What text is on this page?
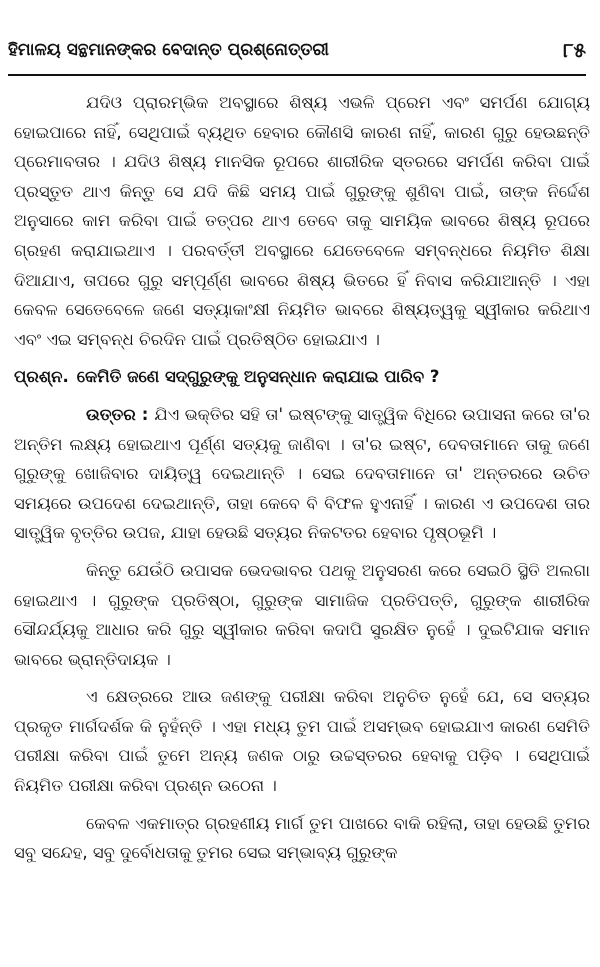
ହିମାଳୟ ସନ୍ଥମାନଙ୍କର ବେଦାନ୍ତ ପ୍ରଶ୍ନୋତ୍ତରୀ	୮୫

ଯଦିଓ ପ୍ରାରମ୍ଭିକ ଅବସ୍ଥାରେ ଶିଷ୍ୟ ଏଭଳି ପ୍ରେମ ଏବଂ ସମର୍ପଣ ଯୋଗ୍ୟ ହୋଇପାରେ ନାହିଁ, ସେଥିପାଇଁ ବ୍ୟଥିତ ହେବାର କୌଣସି କାରଣ ନାହିଁ, କାରଣ ଗୁରୁ ହେଉଛନ୍ତି ପ୍ରେମାବତାର । ଯଦିଓ ଶିଷ୍ୟ ମାନସିକ ରୂପରେ ଶାରୀରିକ ସ୍ତରରେ ସମର୍ପଣ କରିବା ପାଇଁ ପ୍ରସ୍ତୁତ ଥାଏ କିନ୍ତୁ ସେ ଯଦି କିଛି ସମୟ ପାଇଁ ଗୁରୁଙ୍କୁ ଶୁଣିବା ପାଇଁ, ତାଙ୍କ ନିର୍ଦ୍ଦେଶ ଅନୁସାରେ କାମ କରିବା ପାଇଁ ତତ୍ପର ଥାଏ ତେବେ ତାକୁ ସାମୟିକ ଭାବରେ ଶିଷ୍ୟ ରୂପରେ ଗ୍ରହଣ କରାଯାଇଥାଏ । ପରବର୍ତ୍ତୀ ଅବସ୍ଥାରେ ଯେତେବେଳେ ସମ୍ବନ୍ଧରେ ନିୟମିତ ଶିକ୍ଷା ଦିଆଯାଏ, ତାପରେ ଗୁରୁ ସମ୍ପୂର୍ଣ୍ଣ ଭାବରେ ଶିଷ୍ୟ ଭିତରେ ହିଁ ନିବାସ କରିଯାଆନ୍ତି । ଏହା କେବଳ ସେତେବେଳେ ଜଣେ ସତ୍ୟାକାଂକ୍ଷୀ ନିୟମିତ ଭାବରେ ଶିଷ୍ୟତ୍ୱକୁ ସ୍ୱୀକାର କରିଥାଏ ଏବଂ ଏଇ ସମ୍ବନ୍ଧ ଚିରଦିନ ପାଇଁ ପ୍ରତିଷ୍ଠିତ ହୋଇଯାଏ ।

ପ୍ରଶ୍ନ. କେମିତି ଜଣେ ସଦ୍‌ଗୁରୁଙ୍କୁ ଅନୁସନ୍ଧାନ କରାଯାଇ ପାରିବ ?

ଉତ୍ତର : ଯିଏ ଭକ୍ତିର ସହି ତା' ଇଷ୍ଟଙ୍କୁ ସାତ୍ତ୍ୱିକ ବିଧିରେ ଉପାସନା କରେ ତା'ର ଅନ୍ତିମ ଲକ୍ଷ୍ୟ ହୋଇଥାଏ ପୂର୍ଣ୍ଣ ସତ୍ୟକୁ ଜାଣିବା । ତା'ର ଇଷ୍ଟ, ଦେବତାମାନେ ତାକୁ ଜଣେ ଗୁରୁଙ୍କୁ ଖୋଜିବାର ଦାୟିତ୍ୱ ଦେଇଥାନ୍ତି । ସେଇ ଦେବତାମାନେ ତା' ଅନ୍ତରରେ ଉଚିତ ସମୟରେ ଉପଦେଶ ଦେଇଥାନ୍ତି, ତାହା କେବେ ବି ବିଫଳ ହୁଏନାହିଁ । କାରଣ ଏ ଉପଦେଶ ତାର ସାତ୍ତ୍ୱିକ ବୃତ୍ତିର ଉପଜ, ଯାହା ହେଉଛି ସତ୍ୟର ନିକଟତର ହେବାର ପୃଷ୍ଠଭୂମି ।

କିନ୍ତୁ ଯେଉଁଠି ଉପାସକ ଭେଦଭାବର ପଥକୁ ଅନୁସରଣ କରେ ସେଇଠି ସ୍ଥିତି ଅଲଗା ହୋଇଥାଏ । ଗୁରୁଙ୍କ ପ୍ରତିଷ୍ଠା, ଗୁରୁଙ୍କ ସାମାଜିକ ପ୍ରତିପତ୍ତି, ଗୁରୁଙ୍କ ଶାରୀରିକ ସୌନ୍ଦର୍ଯ୍ୟକୁ ଆଧାର କରି ଗୁରୁ ସ୍ୱୀକାର କରିବା କଦାପି ସୁରକ୍ଷିତ ନୁହେଁ । ଦୁଇଟିଯାକ ସମାନ ଭାବରେ ଭ୍ରାନ୍ତିଦାୟକ ।

ଏ କ୍ଷେତ୍ରରେ ଆଉ ଜଣଙ୍କୁ ପରୀକ୍ଷା କରିବା ଅନୁଚିତ ନୁହେଁ ଯେ, ସେ ସତ୍ୟର ପ୍ରକୃତ ମାର୍ଗଦର୍ଶକ କି ନୁହଁନ୍ତି । ଏହା ମଧ୍ୟ ତୁମ ପାଇଁ ଅସମ୍ଭବ ହୋଇଯାଏ କାରଣ ସେମିତି ପରୀକ୍ଷା କରିବା ପାଇଁ ତୁମେ ଅନ୍ୟ ଜଣକ ଠାରୁ ଉଚ୍ଚସ୍ତରର ହେବାକୁ ପଡ଼ିବ । ସେଥିପାଇଁ ନିୟମିତ ପରୀକ୍ଷା କରିବା ପ୍ରଶ୍ନ ଉଠେନା ।

କେବଳ ଏକମାତ୍ର ଗ୍ରହଣୀୟ ମାର୍ଗ ତୁମ ପାଖରେ ବାକି ରହିଲା, ତାହା ହେଉଛି ତୁମର ସବୁ ସନ୍ଦେହ, ସବୁ ଦୁର୍ବୋଧତାକୁ ତୁମର ସେଇ ସମ୍ଭାବ୍ୟ ଗୁରୁଙ୍କ
